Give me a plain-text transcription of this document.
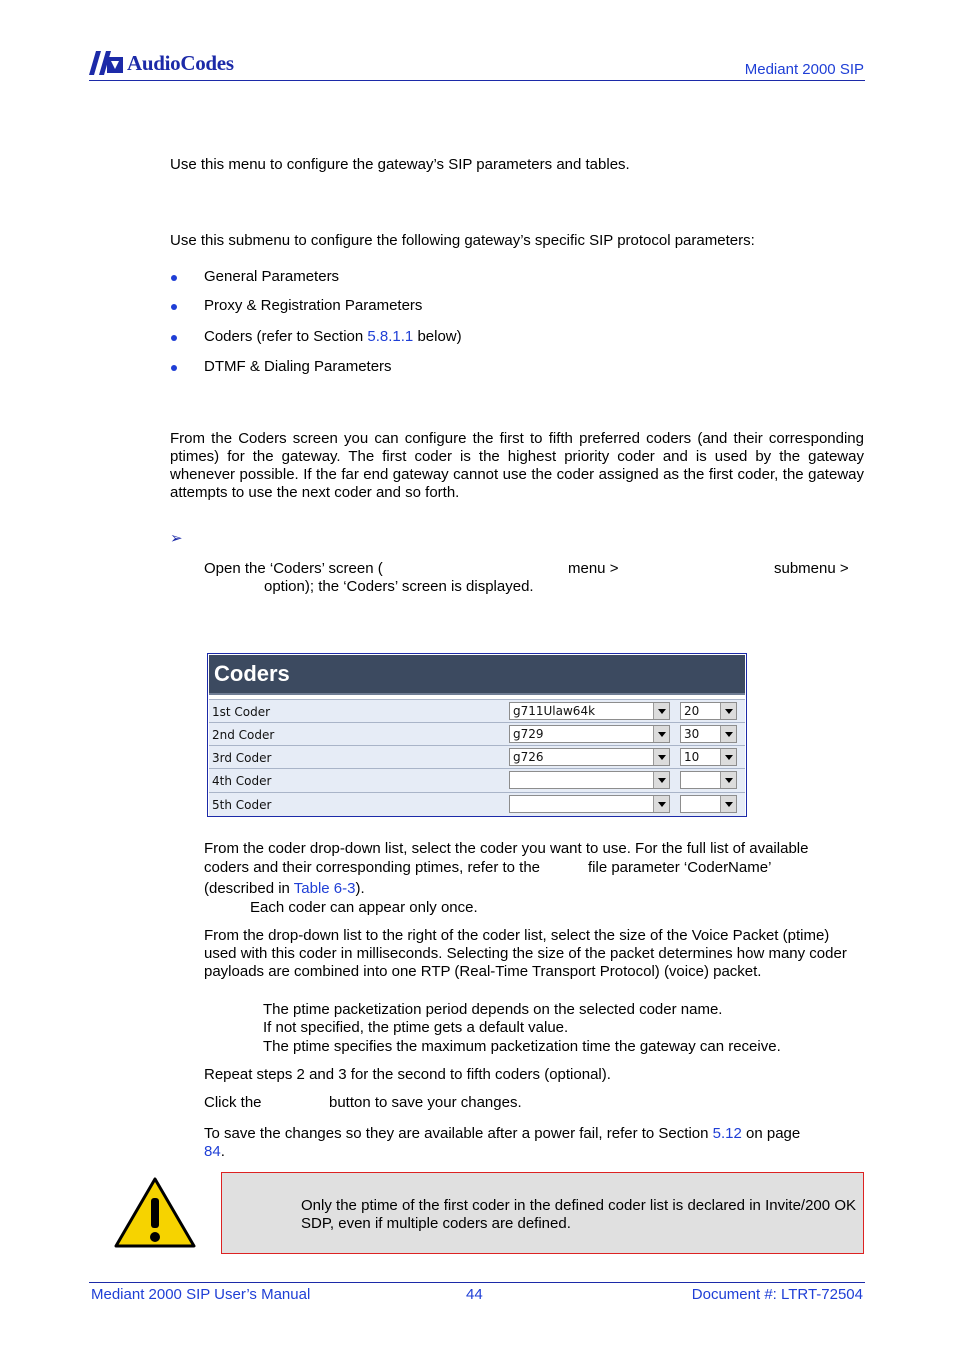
AudioCodes	Mediant 2000 SIP
Use this menu to configure the gateway’s SIP parameters and tables.
Use this submenu to configure the following gateway’s specific SIP protocol parameters:
General Parameters
Proxy & Registration Parameters
Coders (refer to Section 5.8.1.1 below)
DTMF & Dialing Parameters
From the Coders screen you can configure the first to fifth preferred coders (and their corresponding ptimes) for the gateway. The first coder is the highest priority coder and is used by the gateway whenever possible. If the far end gateway cannot use the coder assigned as the first coder, the gateway attempts to use the next coder and so forth.
➢
Open the ‘Coders’ screen (	menu >	submenu >
option); the ‘Coders’ screen is displayed.
Coders
1st Coder	g711Ulaw64k	20
2nd Coder	g729	30
3rd Coder	g726	10
4th Coder
5th Coder
From the coder drop-down list, select the coder you want to use. For the full list of available
coders and their corresponding ptimes, refer to the	file parameter ‘CoderName’
(described in Table 6-3).
Each coder can appear only once.
From the drop-down list to the right of the coder list, select the size of the Voice Packet (ptime) used with this coder in milliseconds. Selecting the size of the packet determines how many coder payloads are combined into one RTP (Real-Time Transport Protocol) (voice) packet.
The ptime packetization period depends on the selected coder name.
If not specified, the ptime gets a default value.
The ptime specifies the maximum packetization time the gateway can receive.
Repeat steps 2 and 3 for the second to fifth coders (optional).
Click the	button to save your changes.
To save the changes so they are available after a power fail, refer to Section 5.12 on page
84.
Only the ptime of the first coder in the defined coder list is declared in Invite/200 OK SDP, even if multiple coders are defined.
Mediant 2000 SIP User’s Manual	44	Document #: LTRT-72504
